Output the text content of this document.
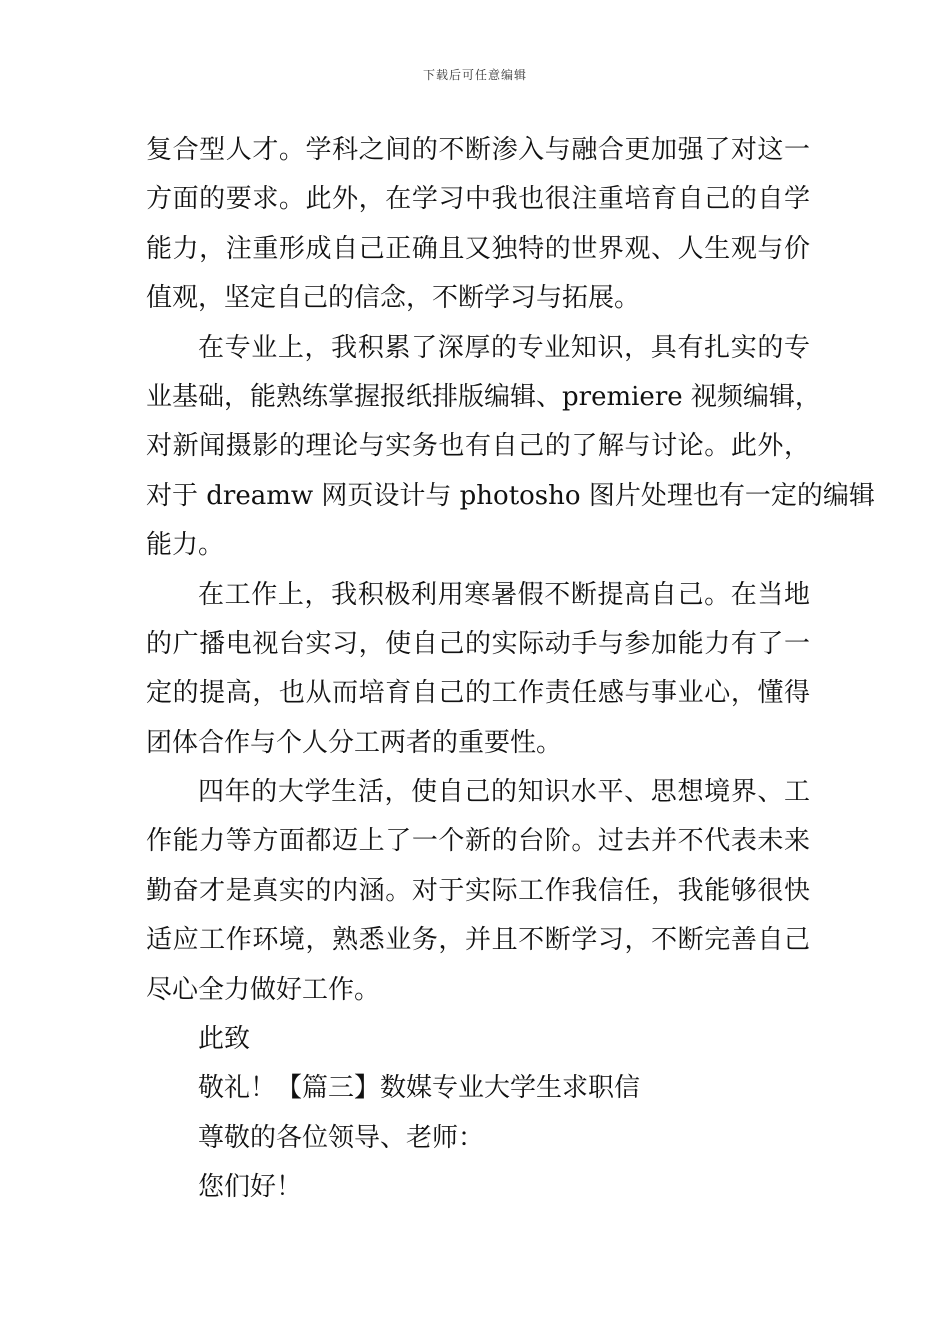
下载后可任意编辑
复合型人才。学科之间的不断渗入与融合更加强了对这一
方面的要求。此外，在学习中我也很注重培育自己的自学
能力，注重形成自己正确且又独特的世界观、人生观与价
值观，坚定自己的信念，不断学习与拓展。
在专业上，我积累了深厚的专业知识，具有扎实的专
业基础，能熟练掌握报纸排版编辑、premiere 视频编辑，
对新闻摄影的理论与实务也有自己的了解与讨论。此外，
对于 dreamw 网页设计与 photosho 图片处理也有一定的编辑
能力。
在工作上，我积极利用寒暑假不断提高自己。在当地
的广播电视台实习，使自己的实际动手与参加能力有了一
定的提高，也从而培育自己的工作责任感与事业心，懂得
团体合作与个人分工两者的重要性。
四年的大学生活，使自己的知识水平、思想境界、工
作能力等方面都迈上了一个新的台阶。过去并不代表未来
勤奋才是真实的内涵。对于实际工作我信任，我能够很快
适应工作环境，熟悉业务，并且不断学习，不断完善自己
尽心全力做好工作。
此致
敬礼！【篇三】数媒专业大学生求职信
尊敬的各位领导、老师：
您们好！
